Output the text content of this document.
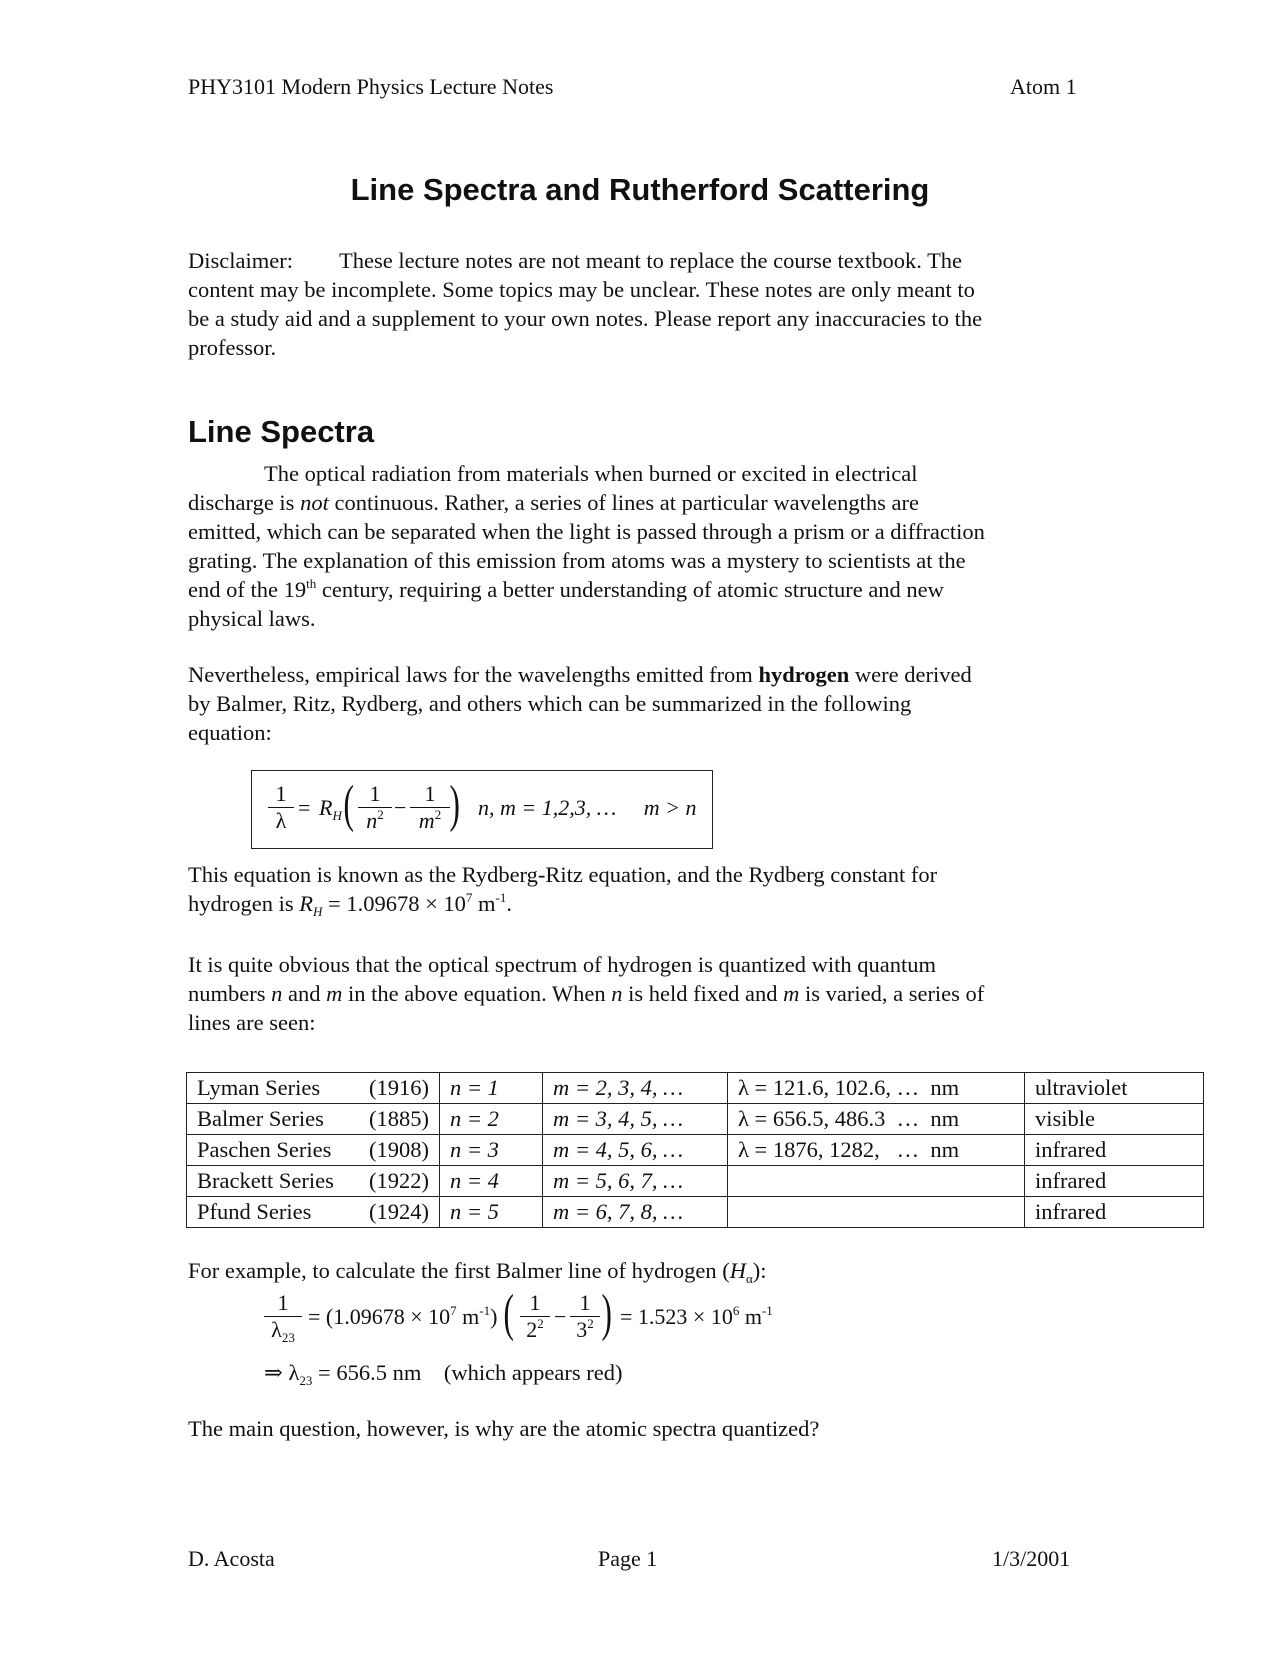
PHY3101 Modern Physics Lecture Notes	Atom 1
Line Spectra and Rutherford Scattering
Disclaimer: These lecture notes are not meant to replace the course textbook. The
content may be incomplete. Some topics may be unclear. These notes are only meant to
be a study aid and a supplement to your own notes. Please report any inaccuracies to the
professor.
Line Spectra
The optical radiation from materials when burned or excited in electrical
discharge is not continuous. Rather, a series of lines at particular wavelengths are
emitted, which can be separated when the light is passed through a prism or a diffraction
grating. The explanation of this emission from atoms was a mystery to scientists at the
end of the 19th century, requiring a better understanding of atomic structure and new
physical laws.
Nevertheless, empirical laws for the wavelengths emitted from hydrogen were derived
by Balmer, Ritz, Rydberg, and others which can be summarized in the following
equation:
$\frac{1}{\lambda} = R_H$ ( $\frac{1}{n^2} - \frac{1}{m^2}$ ) n, m = 1,2,3, …     m > n
This equation is known as the Rydberg-Ritz equation, and the Rydberg constant for
hydrogen is $R_H = 1.09678 \times 10^7$ $m^{-1}$.
It is quite obvious that the optical spectrum of hydrogen is quantized with quantum
numbers n and m in the above equation. When n is held fixed and m is varied, a series of
lines are seen:
Lyman Series (1916)	n = 1	m = 2, 3, 4, …	λ = 121.6, 102.6, …  nm	ultraviolet
Balmer Series (1885)	n = 2	m = 3, 4, 5, …	λ = 656.5, 486.3  …  nm	visible
Paschen Series (1908)	n = 3	m = 4, 5, 6, …	λ = 1876, 1282,   …  nm	infrared
Brackett Series (1922)	n = 4	m = 5, 6, 7, …		infrared
Pfund Series (1924)	n = 5	m = 6, 7, 8, …		infrared
For example, to calculate the first Balmer line of hydrogen $(H_\alpha)$:
$\frac{1}{\lambda_{23}} = (1.09678 \times 10^7$ $m^{-1}$) ( $\frac{1}{2^2} - \frac{1}{3^2}$ ) = $1.523 \times 10^6$ $m^{-1}$
⇒ $\lambda_{23} = 656.5$ nm    (which appears red)
The main question, however, is why are the atomic spectra quantized?
D. Acosta	Page 1	1/3/2001
